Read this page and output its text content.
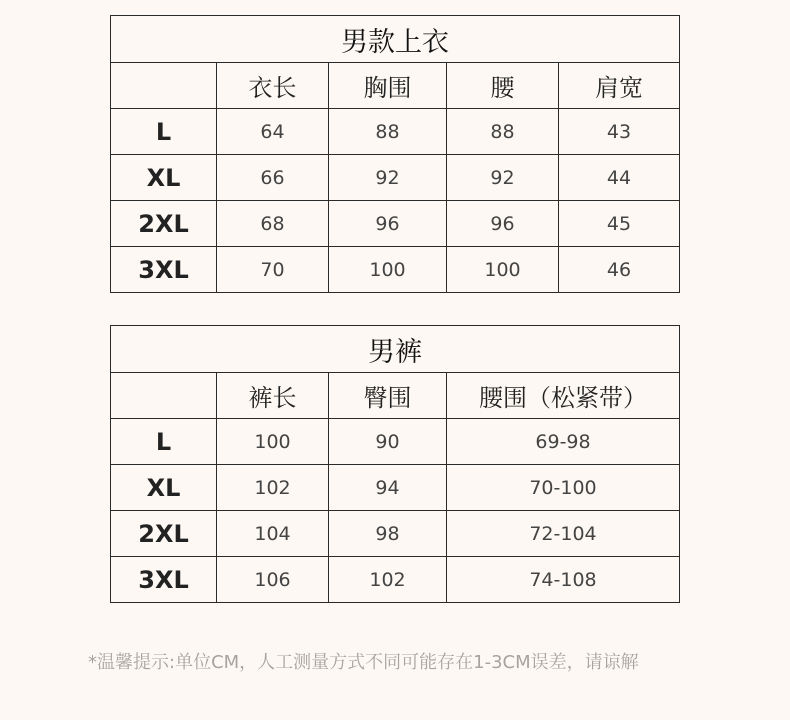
男款上衣				
	衣长	胸围	腰	肩宽
L	64	88	88	43
XL	66	92	92	44
2XL	68	96	96	45
3XL	70	100	100	46
男裤			
	裤长	臀围	腰围（松紧带）
L	100	90	69-98
XL	102	94	70-100
2XL	104	98	72-104
3XL	106	102	74-108
*温馨提示:单位CM，人工测量方式不同可能存在1-3CM误差，请谅解
